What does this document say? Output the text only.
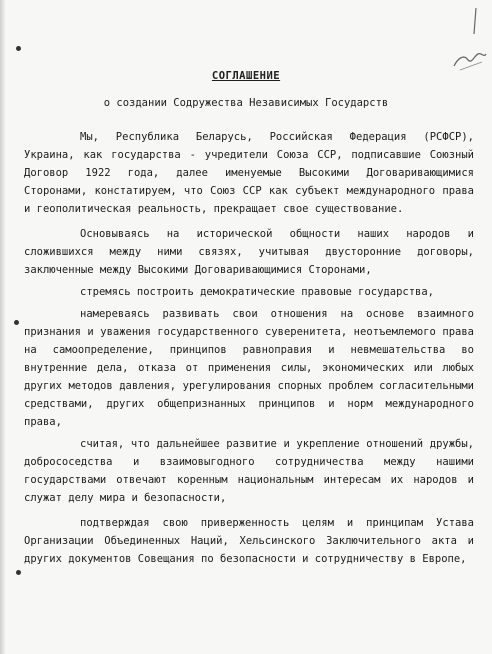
СОГЛАШЕНИЕ
о создании Содружества Независимых Государств

Мы, Республика Беларусь, Российская Федерация (РСФСР), Украина, как государства - учредители Союза ССР, подписавшие Союзный Договор 1922 года, далее именуемые Высокими Договаривающимися Сторонами, констатируем, что Союз ССР как субъект международного права и геополитическая реальность, прекращает свое существование.

Основываясь на исторической общности наших народов и сложившихся между ними связях, учитывая двусторонние договоры, заключенные между Высокими Договаривающимися Сторонами,

стремясь построить демократические правовые государства,

намереваясь развивать свои отношения на основе взаимного признания и уважения государственного суверенитета, неотъемлемого права на самоопределение, принципов равноправия и невмешательства во внутренние дела, отказа от применения силы, экономических или любых других методов давления, урегулирования спорных проблем согласительными средствами, других общепризнанных принципов и норм международного права,

считая, что дальнейшее развитие и укрепление отношений дружбы, добрососедства и взаимовыгодного сотрудничества между нашими государствами отвечают коренным национальным интересам их народов и служат делу мира и безопасности,

подтверждая свою приверженность целям и принципам Устава Организации Объединенных Наций, Хельсинского Заключительного акта и других документов Совещания по безопасности и сотрудничеству в Европе,
